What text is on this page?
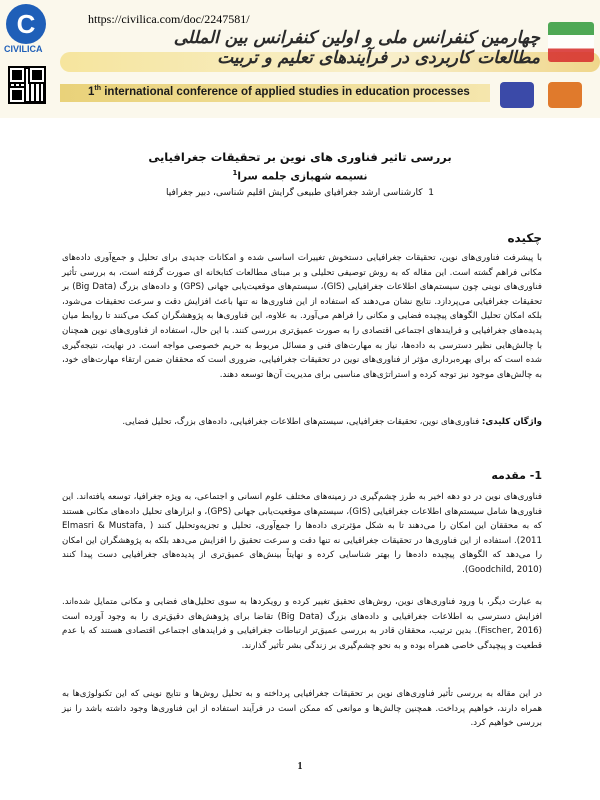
C
CIVILICA
https://civilica.com/doc/2247581/
چهارمین کنفرانس ملی و اولین کنفرانس بین المللی مطالعات کاربردی در فرآیندهای تعلیم و تربیت
1th international conference of applied studies in education processes
بررسی تاثیر فناوری های نوین بر تحقیقات جغرافیایی
نسیمه شهبازی جلمه سرا$^1$
1  کارشناسی ارشد جغرافیای طبیعی گرایش اقلیم شناسی، دبیر جغرافیا
چکیده
با پیشرفت فناوری‌های نوین، تحقیقات جغرافیایی دستخوش تغییرات اساسی شده و امکانات جدیدی برای تحلیل و جمع‌آوری داده‌های مکانی فراهم گشته است. این مقاله که به روش توصیفی تحلیلی و بر مبنای مطالعات کتابخانه ای صورت گرفته است، به بررسی تأثیر فناوری‌های نوینی چون سیستم‌های اطلاعات جغرافیایی (GIS)، سیستم‌های موقعیت‌یابی جهانی (GPS) و داده‌های بزرگ (Big Data) بر تحقیقات جغرافیایی می‌پردازد. نتایج نشان می‌دهند که استفاده از این فناوری‌ها نه تنها باعث افزایش دقت و سرعت تحقیقات می‌شود، بلکه امکان تحلیل الگوهای پیچیده فضایی و مکانی را فراهم می‌آورد. به علاوه، این فناوری‌ها به پژوهشگران کمک می‌کنند تا روابط میان پدیده‌های جغرافیایی و فرایندهای اجتماعی اقتصادی را به صورت عمیق‌تری بررسی کنند. با این حال، استفاده از فناوری‌های نوین همچنان با چالش‌هایی نظیر دسترسی به داده‌ها، نیاز به مهارت‌های فنی و مسائل مربوط به حریم خصوصی مواجه است. در نهایت، نتیجه‌گیری شده است که برای بهره‌برداری مؤثر از فناوری‌های نوین در تحقیقات جغرافیایی، ضروری است که محققان ضمن ارتقاء مهارت‌های خود، به چالش‌های موجود نیز توجه کرده و استراتژی‌های مناسبی برای مدیریت آن‌ها توسعه دهند.
واژگان کلیدی: فناوری‌های نوین، تحقیقات جغرافیایی، سیستم‌های اطلاعات جغرافیایی، داده‌های بزرگ، تحلیل فضایی.
1- مقدمه
فناوری‌های نوین در دو دهه اخیر به طرز چشم‌گیری در زمینه‌های مختلف علوم انسانی و اجتماعی، به ویژه جغرافیا، توسعه یافته‌اند. این فناوری‌ها شامل سیستم‌های اطلاعات جغرافیایی (GIS)، سیستم‌های موقعیت‌یابی جهانی (GPS)، و ابزارهای تحلیل داده‌های مکانی هستند که به محققان این امکان را می‌دهند تا به شکل مؤثرتری داده‌ها را جمع‌آوری، تحلیل و تجزیه‌وتحلیل کنند ( Elmasri & Mustafa, 2011). استفاده از این فناوری‌ها در تحقیقات جغرافیایی نه تنها دقت و سرعت تحقیق را افزایش می‌دهد بلکه به پژوهشگران این امکان را می‌دهد که الگوهای پیچیده داده‌ها را بهتر شناسایی کرده و نهایتاً بینش‌های عمیق‌تری از پدیده‌های جغرافیایی دست پیدا کنند (Goodchild, 2010).
به عبارت دیگر، با ورود فناوری‌های نوین، روش‌های تحقیق تغییر کرده و رویکردها به سوی تحلیل‌های فضایی و مکانی متمایل شده‌اند. افزایش دسترسی به اطلاعات جغرافیایی و داده‌های بزرگ (Big Data) تقاضا برای پژوهش‌های دقیق‌تری را به وجود آورده است (Fischer, 2016). بدین ترتیب، محققان قادر به بررسی عمیق‌تر ارتباطات جغرافیایی و فرایندهای اجتماعی اقتصادی هستند که با عدم قطعیت و پیچیدگی خاصی همراه بوده و به نحو چشم‌گیری بر زندگی بشر تأثیر گذارند.
در این مقاله به بررسی تأثیر فناوری‌های نوین بر تحقیقات جغرافیایی پرداخته و به تحلیل روش‌ها و نتایج نوینی که این تکنولوژی‌ها به همراه دارند، خواهیم پرداخت. همچنین چالش‌ها و موانعی که ممکن است در فرآیند استفاده از این فناوری‌ها وجود داشته باشد را نیز بررسی خواهیم کرد.
1
